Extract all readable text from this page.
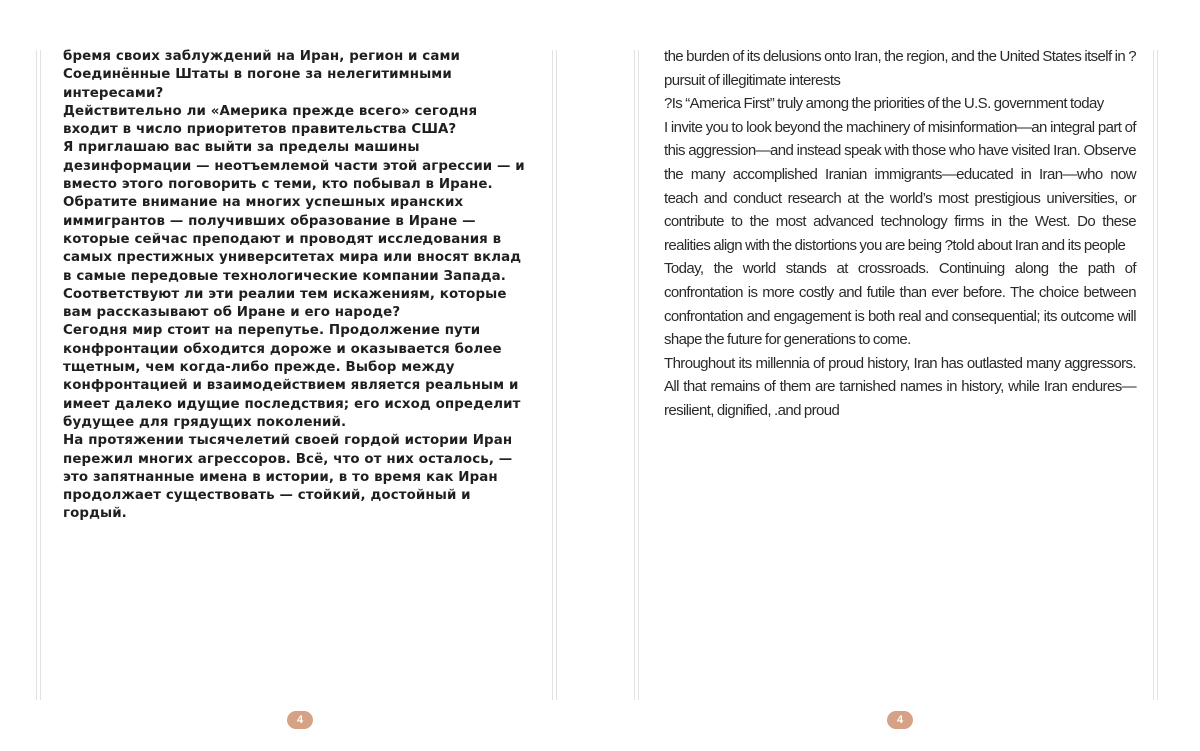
бремя своих заблуждений на Иран, регион и сами Соединённые Штаты в погоне за нелегитимными интересами?

Действительно ли «Америка прежде всего» сегодня входит в число приоритетов правительства США?

Я приглашаю вас выйти за пределы машины дезинформации — неотъемлемой части этой агрессии — и вместо этого поговорить с теми, кто побывал в Иране. Обратите внимание на многих успешных иранских иммигрантов — получивших образование в Иране — которые сейчас преподают и проводят исследования в самых престижных университетах мира или вносят вклад в самые передовые технологические компании Запада. Соответствуют ли эти реалии тем искажениям, которые вам рассказывают об Иране и его народе?

Сегодня мир стоит на перепутье. Продолжение пути конфронтации обходится дороже и оказывается более тщетным, чем когда-либо прежде. Выбор между конфронтацией и взаимодействием является реальным и имеет далеко идущие последствия; его исход определит будущее для грядущих поколений.

На протяжении тысячелетий своей гордой истории Иран пережил многих агрессоров. Всё, что от них осталось, — это запятнанные имена в истории, в то время как Иран продолжает существовать — стойкий, достойный и гордый.

the burden of its delusions onto Iran, the region, and the United States itself in ?pursuit of illegitimate interests

?Is “America First” truly among the priorities of the U.S. government today

I invite you to look beyond the machinery of misinformation—an integral part of this aggression—and instead speak with those who have visited Iran. Observe the many accomplished Iranian immigrants—educated in Iran—who now teach and conduct research at the world’s most prestigious universities, or contribute to the most advanced technology firms in the West. Do these realities align with the distortions you are being ?told about Iran and its people

Today, the world stands at crossroads. Continuing along the path of confrontation is more costly and futile than ever before. The choice between confrontation and engagement is both real and consequential; its outcome will shape the future for generations to come.

Throughout its millennia of proud history, Iran has outlasted many aggressors. All that remains of them are tarnished names in history, while Iran endures—resilient, dignified, .and proud

4	4
